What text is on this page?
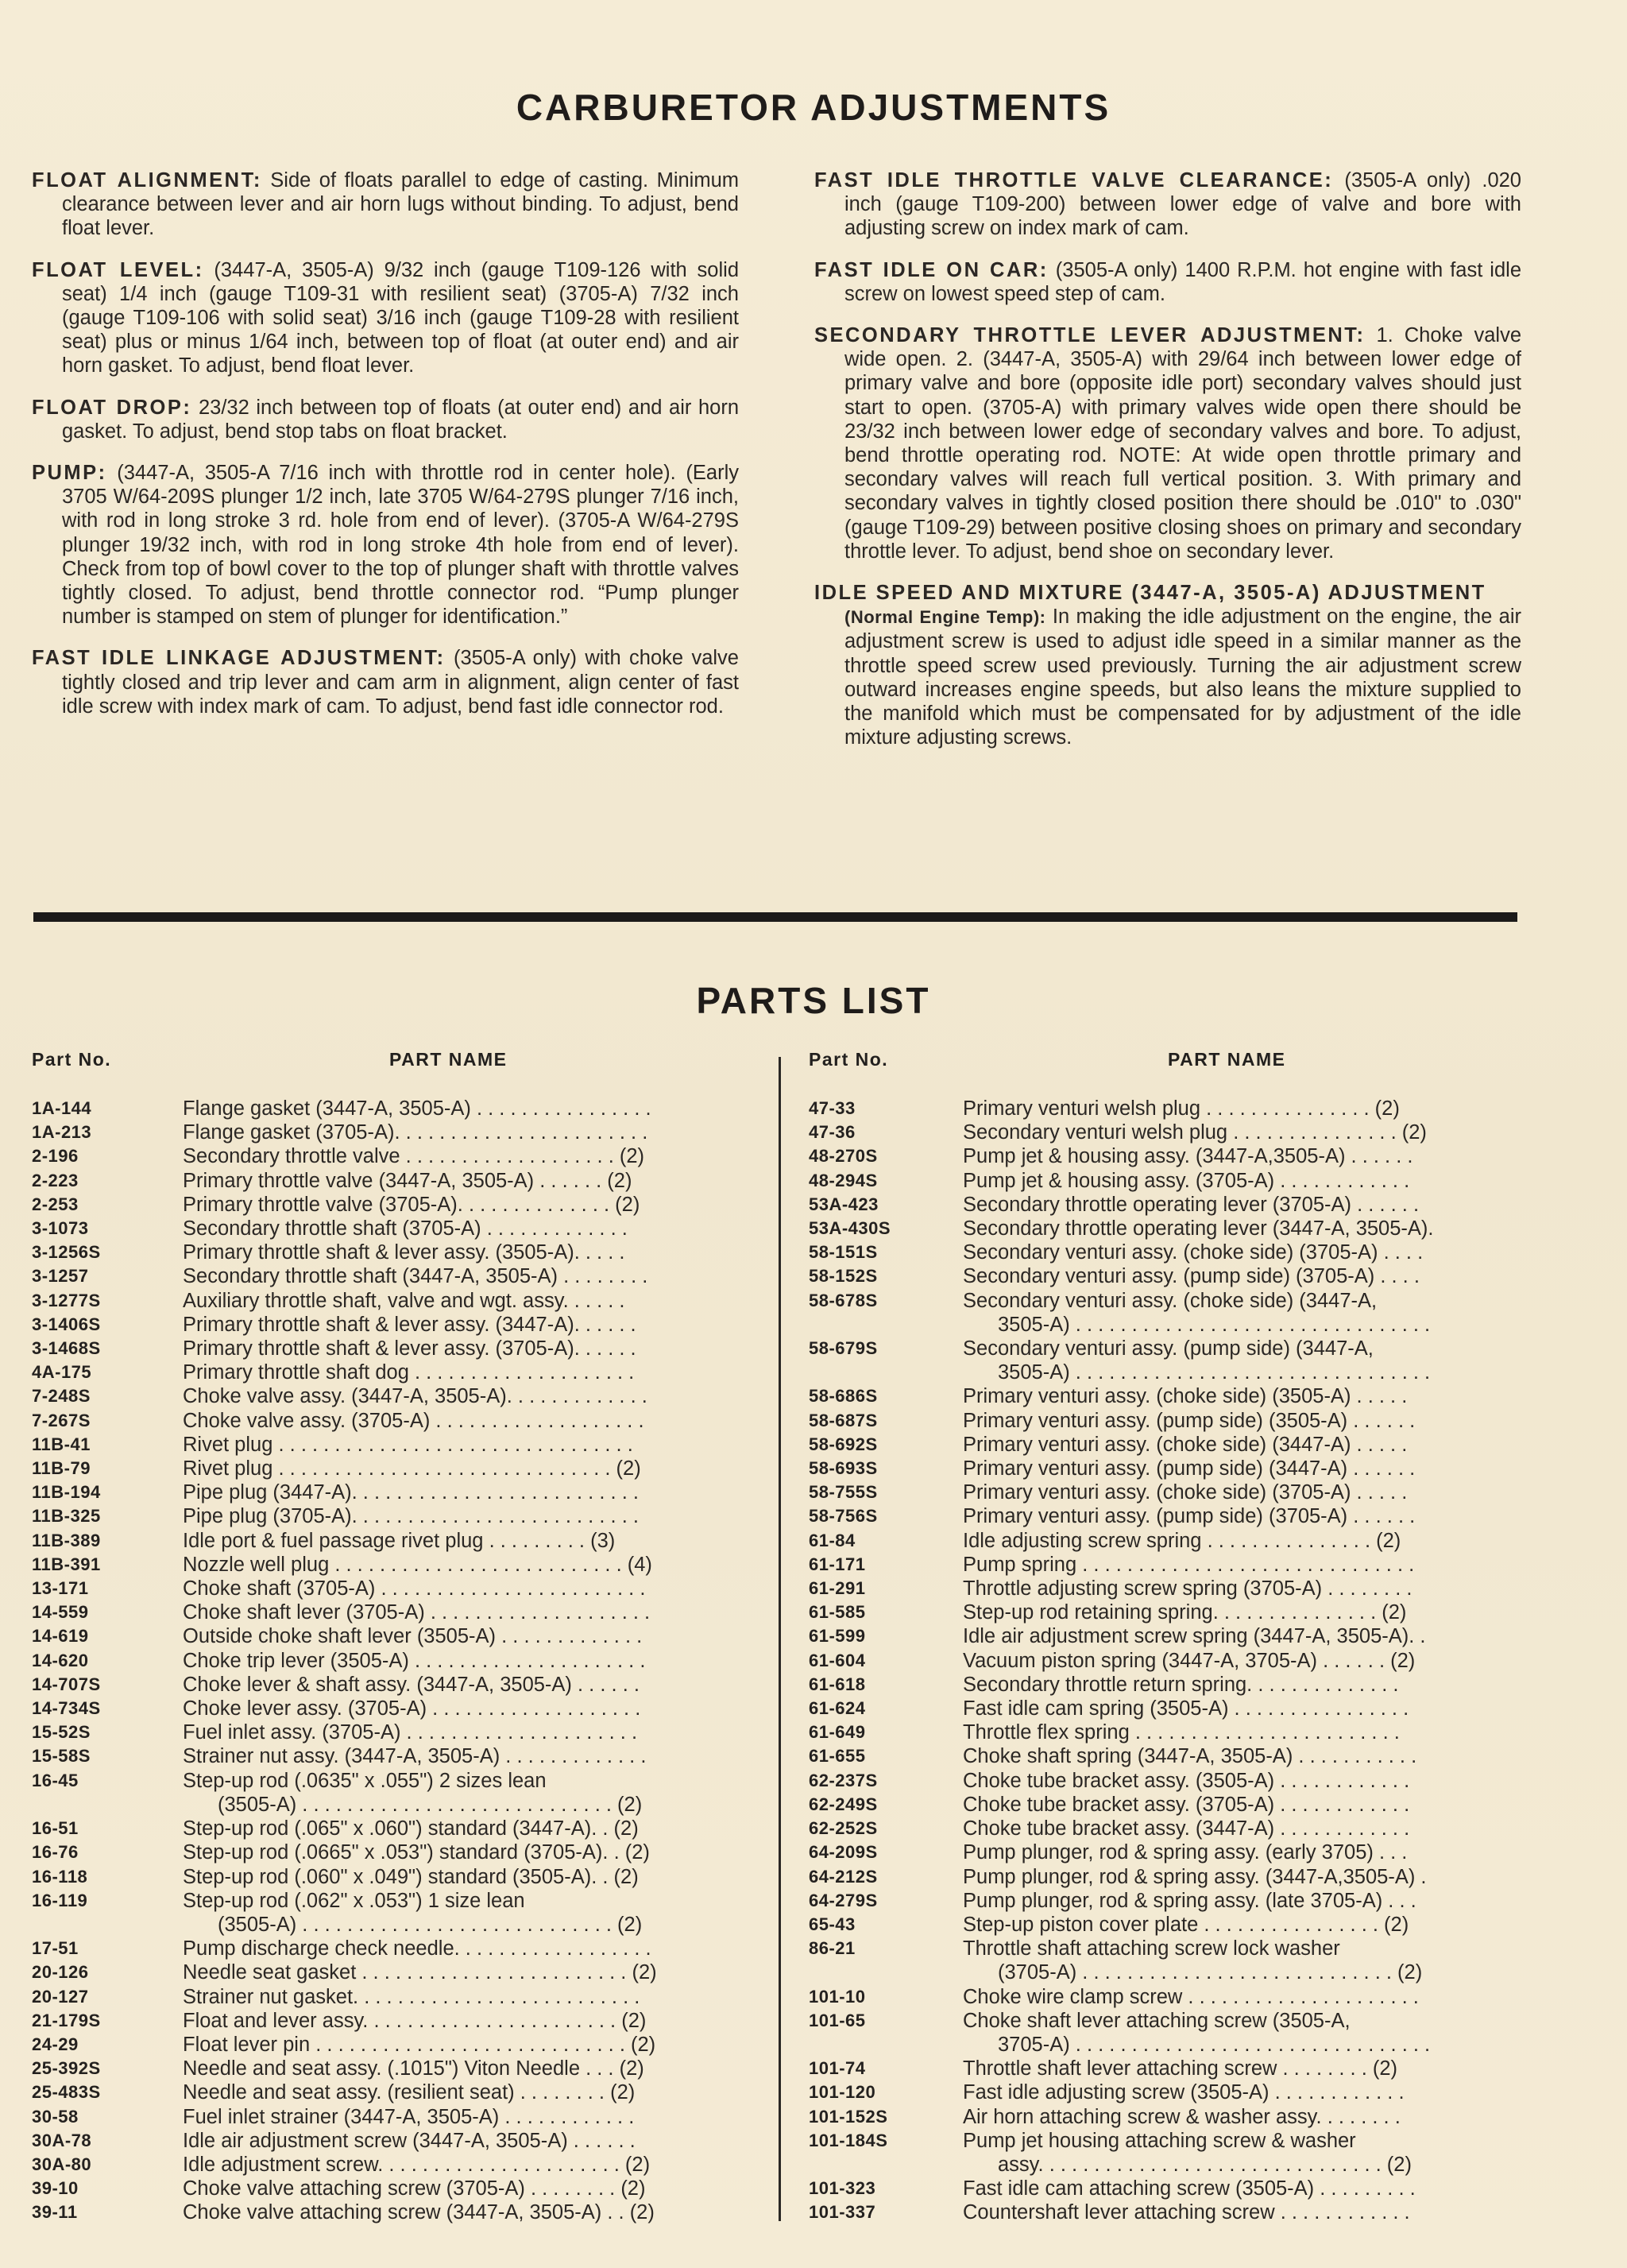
CARBURETOR ADJUSTMENTS

FLOAT ALIGNMENT: Side of floats parallel to edge of casting. Minimum clearance between lever and air horn lugs without binding. To adjust, bend float lever.

FLOAT LEVEL: (3447-A, 3505-A) 9/32 inch (gauge T109-126 with solid seat) 1/4 inch (gauge T109-31 with resilient seat) (3705-A) 7/32 inch (gauge T109-106 with solid seat) 3/16 inch (gauge T109-28 with resilient seat) plus or minus 1/64 inch, between top of float (at outer end) and air horn gasket. To adjust, bend float lever.

FLOAT DROP: 23/32 inch between top of floats (at outer end) and air horn gasket. To adjust, bend stop tabs on float bracket.

PUMP: (3447-A, 3505-A 7/16 inch with throttle rod in center hole). (Early 3705 W/64-209S plunger 1/2 inch, late 3705 W/64-279S plunger 7/16 inch, with rod in long stroke 3 rd. hole from end of lever). (3705-A W/64-279S plunger 19/32 inch, with rod in long stroke 4th hole from end of lever). Check from top of bowl cover to the top of plunger shaft with throttle valves tightly closed. To adjust, bend throttle connector rod. “Pump plunger number is stamped on stem of plunger for identification.”

FAST IDLE LINKAGE ADJUSTMENT: (3505-A only) with choke valve tightly closed and trip lever and cam arm in alignment, align center of fast idle screw with index mark of cam. To adjust, bend fast idle connector rod.

FAST IDLE THROTTLE VALVE CLEARANCE: (3505-A only) .020 inch (gauge T109-200) between lower edge of valve and bore with adjusting screw on index mark of cam.

FAST IDLE ON CAR: (3505-A only) 1400 R.P.M. hot engine with fast idle screw on lowest speed step of cam.

SECONDARY THROTTLE LEVER ADJUSTMENT: 1. Choke valve wide open. 2. (3447-A, 3505-A) with 29/64 inch between lower edge of primary valve and bore (opposite idle port) secondary valves should just start to open. (3705-A) with primary valves wide open there should be 23/32 inch between lower edge of secondary valves and bore. To adjust, bend throttle operating rod. NOTE: At wide open throttle primary and secondary valves will reach full vertical position. 3. With primary and secondary valves in tightly closed position there should be .010" to .030" (gauge T109-29) between positive closing shoes on primary and secondary throttle lever. To adjust, bend shoe on secondary lever.

IDLE SPEED AND MIXTURE (3447-A, 3505-A) ADJUSTMENT
(Normal Engine Temp): In making the idle adjustment on the engine, the air adjustment screw is used to adjust idle speed in a similar manner as the throttle speed screw used previously. Turning the air adjustment screw outward increases engine speeds, but also leans the mixture supplied to the manifold which must be compensated for by adjustment of the idle mixture adjusting screws.

PARTS LIST
Part No.	PART NAME	Part No.	PART NAME
1A-144	Flange gasket (3447-A, 3505-A) . . . . . . . . . . . . . . . .
1A-213	Flange gasket (3705-A). . . . . . . . . . . . . . . . . . . . . . .
2-196	Secondary throttle valve . . . . . . . . . . . . . . . . . . . (2)
2-223	Primary throttle valve (3447-A, 3505-A) . . . . . . (2)
2-253	Primary throttle valve (3705-A). . . . . . . . . . . . . . (2)
3-1073	Secondary throttle shaft (3705-A) . . . . . . . . . . . . .
3-1256S	Primary throttle shaft & lever assy. (3505-A). . . . .
3-1257	Secondary throttle shaft (3447-A, 3505-A) . . . . . . . .
3-1277S	Auxiliary throttle shaft, valve and wgt. assy. . . . . .
3-1406S	Primary throttle shaft & lever assy. (3447-A). . . . . .
3-1468S	Primary throttle shaft & lever assy. (3705-A). . . . . .
4A-175	Primary throttle shaft dog . . . . . . . . . . . . . . . . . . . .
7-248S	Choke valve assy. (3447-A, 3505-A). . . . . . . . . . . . .
7-267S	Choke valve assy. (3705-A) . . . . . . . . . . . . . . . . . . .
11B-41	Rivet plug . . . . . . . . . . . . . . . . . . . . . . . . . . . . . . . .
11B-79	Rivet plug . . . . . . . . . . . . . . . . . . . . . . . . . . . . . . (2)
11B-194	Pipe plug (3447-A). . . . . . . . . . . . . . . . . . . . . . . . . .
11B-325	Pipe plug (3705-A). . . . . . . . . . . . . . . . . . . . . . . . . .
11B-389	Idle port & fuel passage rivet plug . . . . . . . . . (3)
11B-391	Nozzle well plug . . . . . . . . . . . . . . . . . . . . . . . . . . (4)
13-171	Choke shaft (3705-A) . . . . . . . . . . . . . . . . . . . . . . . .
14-559	Choke shaft lever (3705-A) . . . . . . . . . . . . . . . . . . . .
14-619	Outside choke shaft lever (3505-A) . . . . . . . . . . . . .
14-620	Choke trip lever (3505-A) . . . . . . . . . . . . . . . . . . . . .
14-707S	Choke lever & shaft assy. (3447-A, 3505-A) . . . . . .
14-734S	Choke lever assy. (3705-A) . . . . . . . . . . . . . . . . . . .
15-52S	Fuel inlet assy. (3705-A) . . . . . . . . . . . . . . . . . . . . .
15-58S	Strainer nut assy. (3447-A, 3505-A) . . . . . . . . . . . . .
16-45	Step-up rod (.0635" x .055") 2 sizes lean
(3505-A) . . . . . . . . . . . . . . . . . . . . . . . . . . . . (2)
16-51	Step-up rod (.065" x .060") standard (3447-A). . (2)
16-76	Step-up rod (.0665" x .053") standard (3705-A). . (2)
16-118	Step-up rod (.060" x .049") standard (3505-A). . (2)
16-119	Step-up rod (.062" x .053") 1 size lean
(3505-A) . . . . . . . . . . . . . . . . . . . . . . . . . . . . (2)
17-51	Pump discharge check needle. . . . . . . . . . . . . . . . . .
20-126	Needle seat gasket . . . . . . . . . . . . . . . . . . . . . . . . (2)
20-127	Strainer nut gasket. . . . . . . . . . . . . . . . . . . . . . . . . .
21-179S	Float and lever assy. . . . . . . . . . . . . . . . . . . . . . . (2)
24-29	Float lever pin . . . . . . . . . . . . . . . . . . . . . . . . . . . . (2)
25-392S	Needle and seat assy. (.1015") Viton Needle . . . (2)
25-483S	Needle and seat assy. (resilient seat) . . . . . . . . (2)
30-58	Fuel inlet strainer (3447-A, 3505-A) . . . . . . . . . . . .
30A-78	Idle air adjustment screw (3447-A, 3505-A) . . . . . .
30A-80	Idle adjustment screw. . . . . . . . . . . . . . . . . . . . . . (2)
39-10	Choke valve attaching screw (3705-A) . . . . . . . . (2)
39-11	Choke valve attaching screw (3447-A, 3505-A) . . (2)
47-33	Primary venturi welsh plug . . . . . . . . . . . . . . . (2)
47-36	Secondary venturi welsh plug . . . . . . . . . . . . . . . (2)
48-270S	Pump jet & housing assy. (3447-A,3505-A) . . . . . .
48-294S	Pump jet & housing assy. (3705-A) . . . . . . . . . . . .
53A-423	Secondary throttle operating lever (3705-A) . . . . . .
53A-430S	Secondary throttle operating lever (3447-A, 3505-A).
58-151S	Secondary venturi assy. (choke side) (3705-A) . . . .
58-152S	Secondary venturi assy. (pump side) (3705-A) . . . .
58-678S	Secondary venturi assy. (choke side) (3447-A,
3505-A) . . . . . . . . . . . . . . . . . . . . . . . . . . . . . . . .
58-679S	Secondary venturi assy. (pump side) (3447-A,
3505-A) . . . . . . . . . . . . . . . . . . . . . . . . . . . . . . . .
58-686S	Primary venturi assy. (choke side) (3505-A) . . . . .
58-687S	Primary venturi assy. (pump side) (3505-A) . . . . . .
58-692S	Primary venturi assy. (choke side) (3447-A) . . . . .
58-693S	Primary venturi assy. (pump side) (3447-A) . . . . . .
58-755S	Primary venturi assy. (choke side) (3705-A) . . . . .
58-756S	Primary venturi assy. (pump side) (3705-A) . . . . . .
61-84	Idle adjusting screw spring . . . . . . . . . . . . . . . (2)
61-171	Pump spring . . . . . . . . . . . . . . . . . . . . . . . . . . . . . .
61-291	Throttle adjusting screw spring (3705-A) . . . . . . . .
61-585	Step-up rod retaining spring. . . . . . . . . . . . . . . (2)
61-599	Idle air adjustment screw spring (3447-A, 3505-A). .
61-604	Vacuum piston spring (3447-A, 3705-A) . . . . . . (2)
61-618	Secondary throttle return spring. . . . . . . . . . . . . .
61-624	Fast idle cam spring (3505-A) . . . . . . . . . . . . . . . .
61-649	Throttle flex spring . . . . . . . . . . . . . . . . . . . . . . . .
61-655	Choke shaft spring (3447-A, 3505-A) . . . . . . . . . . .
62-237S	Choke tube bracket assy. (3505-A) . . . . . . . . . . . .
62-249S	Choke tube bracket assy. (3705-A) . . . . . . . . . . . .
62-252S	Choke tube bracket assy. (3447-A) . . . . . . . . . . . .
64-209S	Pump plunger, rod & spring assy. (early 3705) . . .
64-212S	Pump plunger, rod & spring assy. (3447-A,3505-A) .
64-279S	Pump plunger, rod & spring assy. (late 3705-A) . . .
65-43	Step-up piston cover plate . . . . . . . . . . . . . . . . (2)
86-21	Throttle shaft attaching screw lock washer
(3705-A) . . . . . . . . . . . . . . . . . . . . . . . . . . . . (2)
101-10	Choke wire clamp screw . . . . . . . . . . . . . . . . . . . . .
101-65	Choke shaft lever attaching screw (3505-A,
3705-A) . . . . . . . . . . . . . . . . . . . . . . . . . . . . . . . .
101-74	Throttle shaft lever attaching screw . . . . . . . . (2)
101-120	Fast idle adjusting screw (3505-A) . . . . . . . . . . . .
101-152S	Air horn attaching screw & washer assy. . . . . . . .
101-184S	Pump jet housing attaching screw & washer
assy. . . . . . . . . . . . . . . . . . . . . . . . . . . . . . . (2)
101-323	Fast idle cam attaching screw (3505-A) . . . . . . . . .
101-337	Countershaft lever attaching screw . . . . . . . . . . . .
